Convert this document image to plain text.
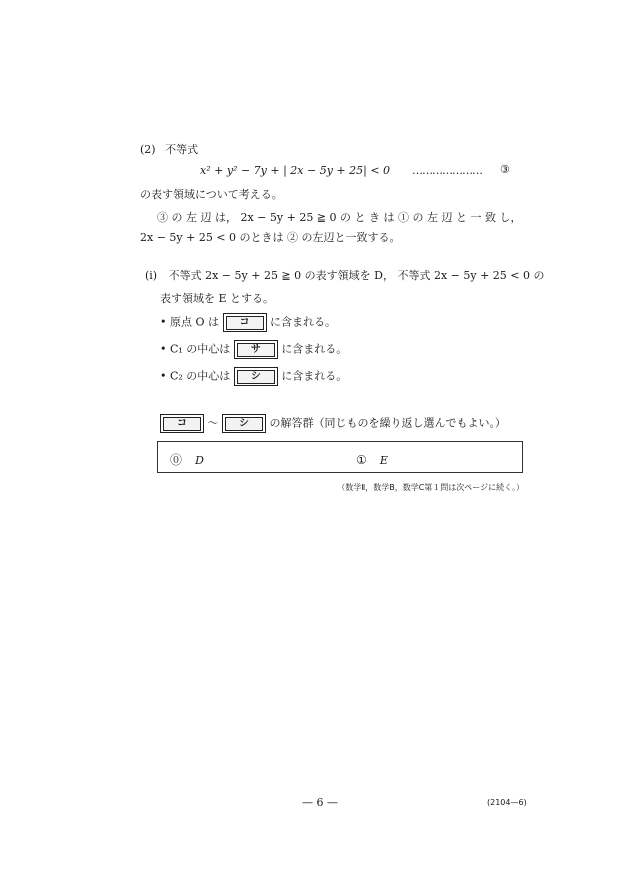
(2) 不等式
x² + y² − 7y + | 2x − 5y + 25| < 0 ………………… ③
の表す領域について考える。
③ の 左 辺 は， 2x − 5y + 25 ≧ 0 の と き は ① の 左 辺 と 一 致 し，
2x − 5y + 25 < 0 のときは ② の左辺と一致する。
(i) 不等式 2x − 5y + 25 ≧ 0 の表す領域を D， 不等式 2x − 5y + 25 < 0 の
表す領域を E とする。
• 原点 O は コ に含まれる。
• C₁ の中心は サ に含まれる。
• C₂ の中心は シ に含まれる。
コ ～ シ の解答群（同じものを繰り返し選んでもよい。）
⓪ D	① E
（数学Ⅱ，数学B，数学C第１問は次ページに続く。）
— 6 —	(2104—6)
